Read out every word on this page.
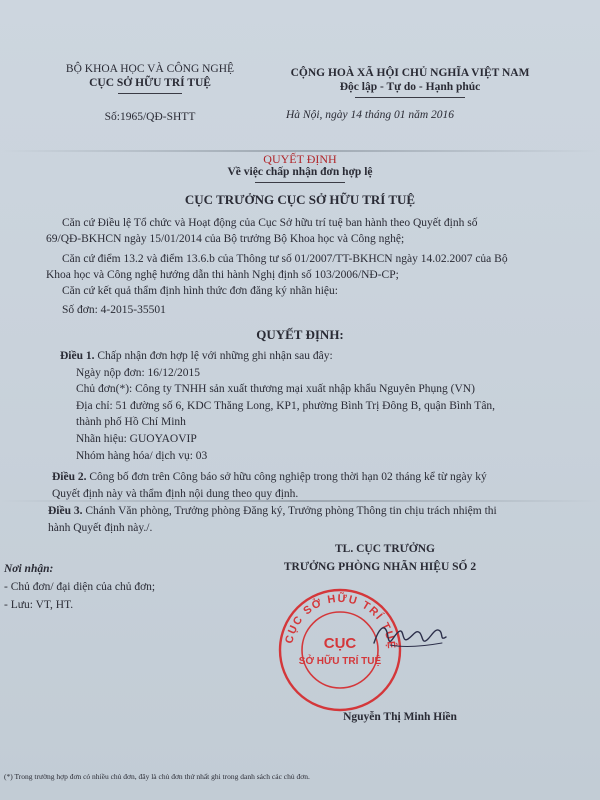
BỘ KHOA HỌC VÀ CÔNG NGHỆ
CỤC SỞ HỮU TRÍ TUỆ
Số:1965/QĐ-SHTT
CỘNG HOÀ XÃ HỘI CHỦ NGHĨA VIỆT NAM
Độc lập - Tự do - Hạnh phúc
Hà Nội, ngày 14 tháng 01 năm 2016
QUYẾT ĐỊNH
Về việc chấp nhận đơn hợp lệ
CỤC TRƯỞNG CỤC SỞ HỮU TRÍ TUỆ
Căn cứ Điều lệ Tổ chức và Hoạt động của Cục Sở hữu trí tuệ ban hành theo Quyết định số
69/QĐ-BKHCN ngày 15/01/2014 của Bộ trưởng Bộ Khoa học và Công nghệ;
Căn cứ điểm 13.2 và điểm 13.6.b của Thông tư số 01/2007/TT-BKHCN ngày 14.02.2007 của Bộ
Khoa học và Công nghệ hướng dẫn thi hành Nghị định số 103/2006/NĐ-CP;
Căn cứ kết quả thẩm định hình thức đơn đăng ký nhãn hiệu:
Số đơn: 4-2015-35501
QUYẾT ĐỊNH:
Điều 1. Chấp nhận đơn hợp lệ với những ghi nhận sau đây:
Ngày nộp đơn: 16/12/2015
Chủ đơn(*): Công ty TNHH sản xuất thương mại xuất nhập khẩu Nguyên Phụng (VN)
Địa chỉ: 51 đường số 6, KDC Thăng Long, KP1, phường Bình Trị Đông B, quận Bình Tân,
thành phố Hồ Chí Minh
Nhãn hiệu: GUOYAOVIP
Nhóm hàng hóa/ dịch vụ: 03
Điều 2. Công bố đơn trên Công báo sở hữu công nghiệp trong thời hạn 02 tháng kể từ ngày ký
Quyết định này và thẩm định nội dung theo quy định.
Điều 3. Chánh Văn phòng, Trưởng phòng Đăng ký, Trưởng phòng Thông tin chịu trách nhiệm thi
hành Quyết định này./.
TL. CỤC TRƯỞNG
TRƯỞNG PHÒNG NHÃN HIỆU SỐ 2
Nơi nhận:
- Chủ đơn/ đại diện của chủ đơn;
- Lưu: VT, HT.
CỤC SỞ HỮU TRÍ TUỆ
CỤC
SỞ HỮU TRÍ TUỆ
Nguyễn Thị Minh Hiền
(*) Trong trường hợp đơn có nhiều chủ đơn, đây là chủ đơn thứ nhất ghi trong danh sách các chủ đơn.
